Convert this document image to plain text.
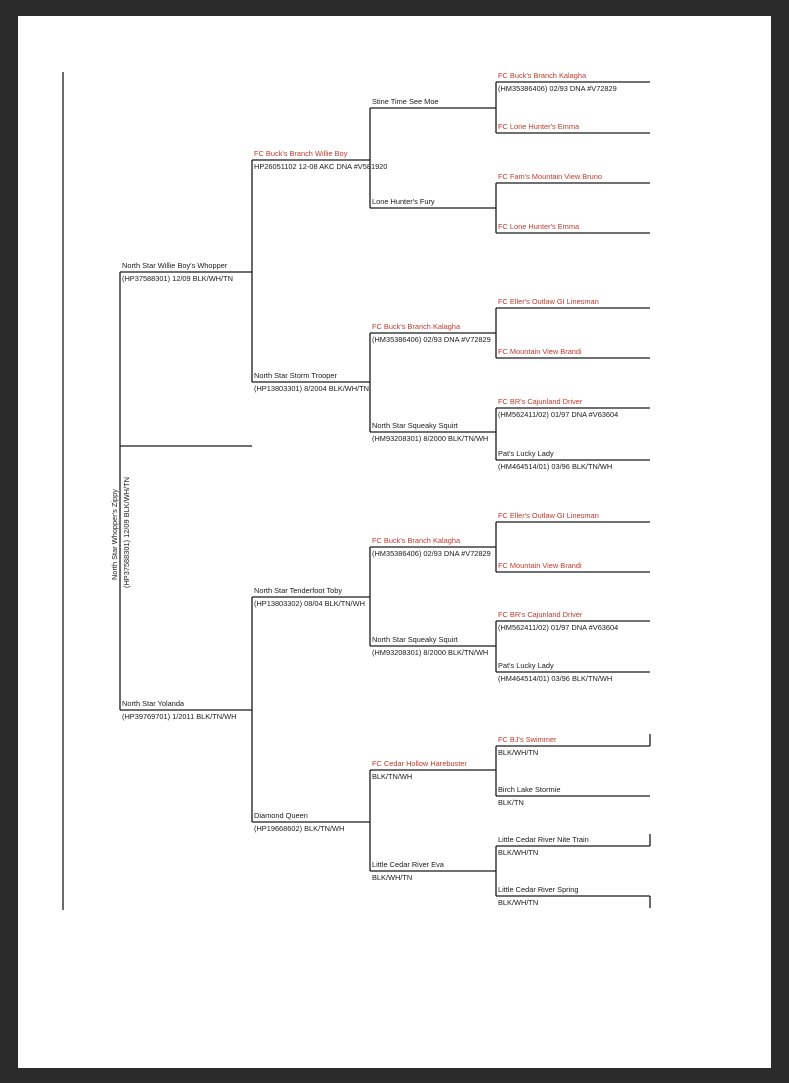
North Star Whopper's Zippy (HP37588301) 12/09 BLK/WH/TN
North Star Willie Boy's Whopper
(HP37588301) 12/09 BLK/WH/TN
North Star Yolanda
(HP39769701) 1/2011 BLK/TN/WH
FC Buck's Branch Willie Boy
HP26051102 12-08 AKC DNA #V581920
North Star Storm Trooper
(HP13803301) 8/2004 BLK/WH/TN
North Star Tenderfoot Toby
(HP13803302) 08/04 BLK/TN/WH
Diamond Queen
(HP19668602) BLK/TN/WH
Stine Time See Moe
Lone Hunter's Fury
FC Buck's Branch Kalagha
(HM35386406) 02/93 DNA #V72829
North Star Squeaky Squirt
(HM93208301) 8/2000 BLK/TN/WH
FC Buck's Branch Kalagha
(HM35386406) 02/93 DNA #V72829
North Star Squeaky Squirt
(HM93208301) 8/2000 BLK/TN/WH
FC Cedar Hollow Harebuster
BLK/TN/WH
Little Cedar River Eva
BLK/WH/TN
FC Buck's Branch Kalagha
(HM35386406) 02/93 DNA #V72829
FC Lone Hunter's Emma
FC Fam's Mountain View Bruno
FC Lone Hunter's Emma
FC Eller's Outlaw GI Linesman
FC Mountain View Brandi
FC BR's Cajunland Driver
(HM562411/02) 01/97 DNA #V63604
Pat's Lucky Lady
(HM464514/01) 03/96 BLK/TN/WH
FC Eller's Outlaw GI Linesman
FC Mountain View Brandi
FC BR's Cajunland Driver
(HM562411/02) 01/97 DNA #V63604
Pat's Lucky Lady
(HM464514/01) 03/96 BLK/TN/WH
FC BJ's Swimmer
BLK/WH/TN
Birch Lake Stormie
BLK/TN
Little Cedar River Nite Train
BLK/WH/TN
Little Cedar River Spring
BLK/WH/TN
